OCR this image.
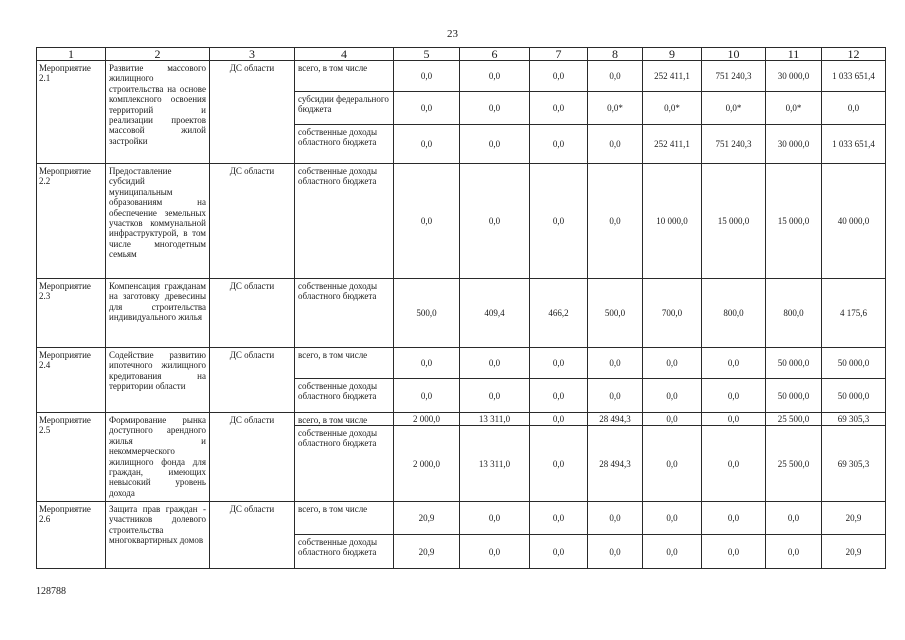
23
1	2	3	4	5	6	7	8	9	10	11	12
Мероприятие 2.1	Развитие массового жилищного строительства на основе комплексного освоения территорий и реализации проектов массовой жилой застройки	ДС области	всего, в том числе	0,0	0,0	0,0	0,0	252 411,1	751 240,3	30 000,0	1 033 651,4
			субсидии федерального бюджета	0,0	0,0	0,0	0,0*	0,0*	0,0*	0,0*	0,0
			собственные доходы областного бюджета	0,0	0,0	0,0	0,0	252 411,1	751 240,3	30 000,0	1 033 651,4
Мероприятие 2.2	Предоставление субсидий муниципальным образованиям на обеспечение земельных участков коммунальной инфраструктурой, в том числе многодетным семьям	ДС области	собственные доходы областного бюджета	0,0	0,0	0,0	0,0	10 000,0	15 000,0	15 000,0	40 000,0
Мероприятие 2.3	Компенсация гражданам на заготовку древесины для строительства индивидуального жилья	ДС области	собственные доходы областного бюджета	500,0	409,4	466,2	500,0	700,0	800,0	800,0	4 175,6
Мероприятие 2.4	Содействие развитию ипотечного жилищного кредитования на территории области	ДС области	всего, в том числе	0,0	0,0	0,0	0,0	0,0	0,0	50 000,0	50 000,0
			собственные доходы областного бюджета	0,0	0,0	0,0	0,0	0,0	0,0	50 000,0	50 000,0
Мероприятие 2.5	Формирование рынка доступного арендного жилья и некоммерческого жилищного фонда для граждан, имеющих невысокий уровень дохода	ДС области	всего, в том числе	2 000,0	13 311,0	0,0	28 494,3	0,0	0,0	25 500,0	69 305,3
			собственные доходы областного бюджета	2 000,0	13 311,0	0,0	28 494,3	0,0	0,0	25 500,0	69 305,3
Мероприятие 2.6	Защита прав граждан - участников долевого строительства многоквартирных домов	ДС области	всего, в том числе	20,9	0,0	0,0	0,0	0,0	0,0	0,0	20,9
			собственные доходы областного бюджета	20,9	0,0	0,0	0,0	0,0	0,0	0,0	20,9
128788
